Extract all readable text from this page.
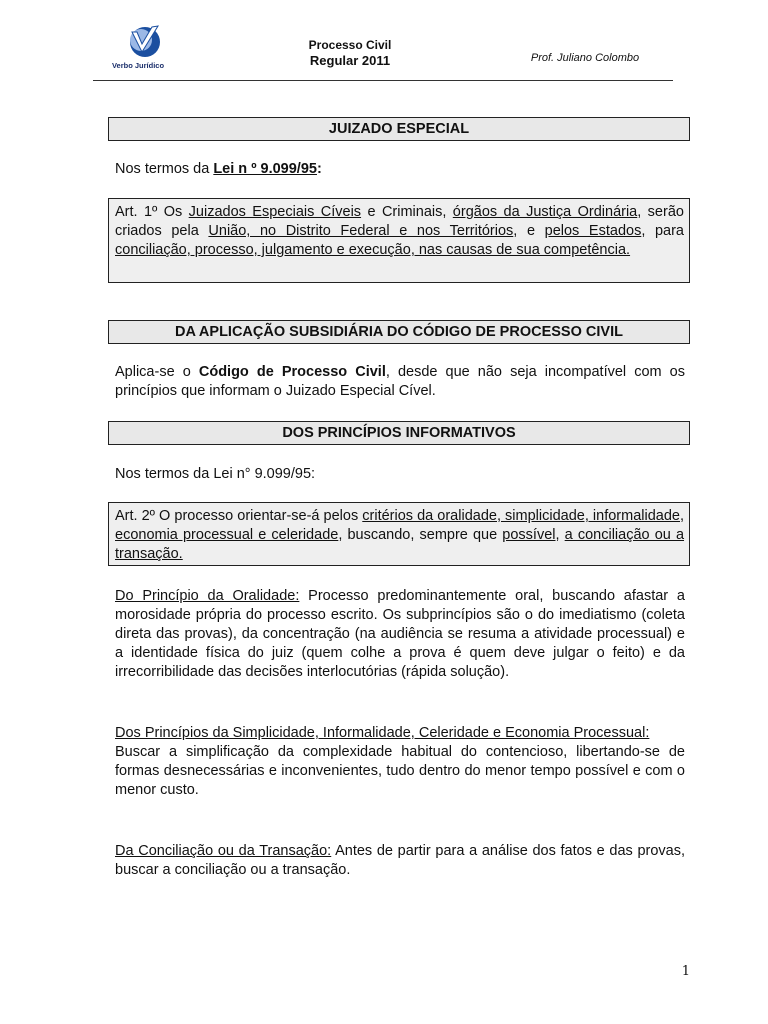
Verbo Jurídico
Processo Civil
Regular 2011	Prof. Juliano Colombo
JUIZADO ESPECIAL
Nos termos da Lei n º 9.099/95:
Art. 1º Os Juizados Especiais Cíveis e Criminais, órgãos da Justiça Ordinária, serão criados pela União, no Distrito Federal e nos Territórios, e pelos Estados, para conciliação, processo, julgamento e execução, nas causas de sua competência.
DA APLICAÇÃO SUBSIDIÁRIA DO CÓDIGO DE PROCESSO CIVIL
Aplica-se o Código de Processo Civil, desde que não seja incompatível com os princípios que informam o Juizado Especial Cível.
DOS PRINCÍPIOS INFORMATIVOS
Nos termos da Lei n° 9.099/95:
Art. 2º O processo orientar-se-á pelos critérios da oralidade, simplicidade, informalidade, economia processual e celeridade, buscando, sempre que possível, a conciliação ou a transação.
Do Princípio da Oralidade: Processo predominantemente oral, buscando afastar a morosidade própria do processo escrito. Os subprincípios são o do imediatismo (coleta direta das provas), da concentração (na audiência se resuma a atividade processual) e a identidade física do juiz (quem colhe a prova é quem deve julgar o feito) e da irrecorribilidade das decisões interlocutórias (rápida solução).
Dos Princípios da Simplicidade, Informalidade, Celeridade e Economia Processual:
Buscar a simplificação da complexidade habitual do contencioso, libertando-se de formas desnecessárias e inconvenientes, tudo dentro do menor tempo possível e com o menor custo.
Da Conciliação ou da Transação: Antes de partir para a análise dos fatos e das provas, buscar a conciliação ou a transação.
1
